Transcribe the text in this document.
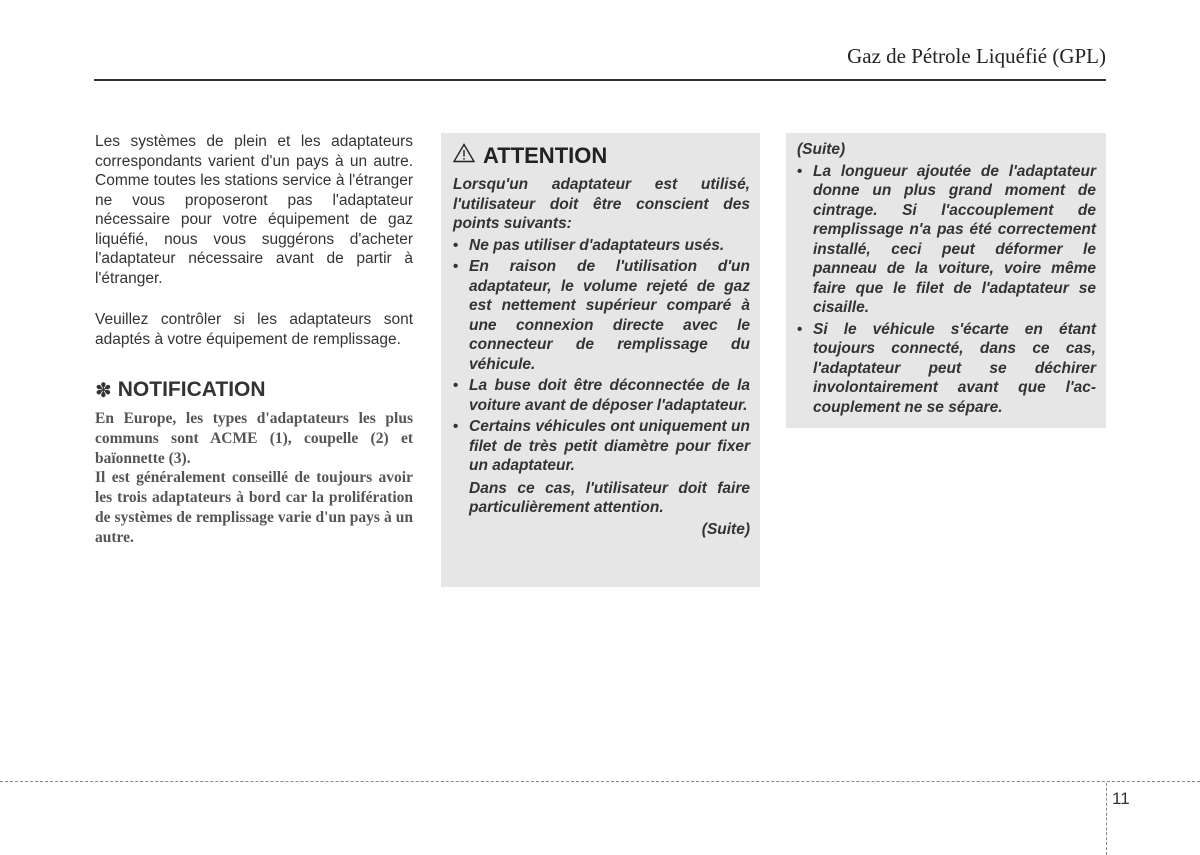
Gaz de Pétrole Liquéfié (GPL)

Les systèmes de plein et les adaptateurs correspondants varient d'un pays à un autre. Comme toutes les stations service à l'étranger ne vous proposeront pas l'adaptateur nécessaire pour votre équipement de gaz liquéfié, nous vous suggérons d'acheter l'adaptateur nécessaire avant de partir à l'étranger.

Veuillez contrôler si les adaptateurs sont adaptés à votre équipement de remplissage.

✽ NOTIFICATION

En Europe, les types d'adaptateurs les plus communs sont ACME (1), coupelle (2) et baïonnette (3).

Il est généralement conseillé de toujours avoir les trois adaptateurs à bord car la prolifération de systèmes de remplissage varie d'un pays à un autre.

ATTENTION

Lorsqu'un adaptateur est utilisé, l'utilisateur doit être conscient des points suivants:

• Ne pas utiliser d'adaptateurs usés.
• En raison de l'utilisation d'un adaptateur, le volume rejeté de gaz est nettement supérieur comparé à une connexion directe avec le connecteur de remplissage du véhicule.
• La buse doit être déconnectée de la voiture avant de déposer l'adaptateur.
• Certains véhicules ont uniquement un filet de très petit diamètre pour fixer un adaptateur.

Dans ce cas, l'utilisateur doit faire particulièrement attention.

(Suite)

(Suite)

• La longueur ajoutée de l'adaptateur donne un plus grand moment de cintrage. Si l'accouplement de remplissage n'a pas été correctement installé, ceci peut déformer le panneau de la voiture, voire même faire que le filet de l'adaptateur se cisaille.
• Si le véhicule s'écarte en étant toujours connecté, dans ce cas, l'adaptateur peut se déchirer involontairement avant que l'accouplement ne se sépare.
11
